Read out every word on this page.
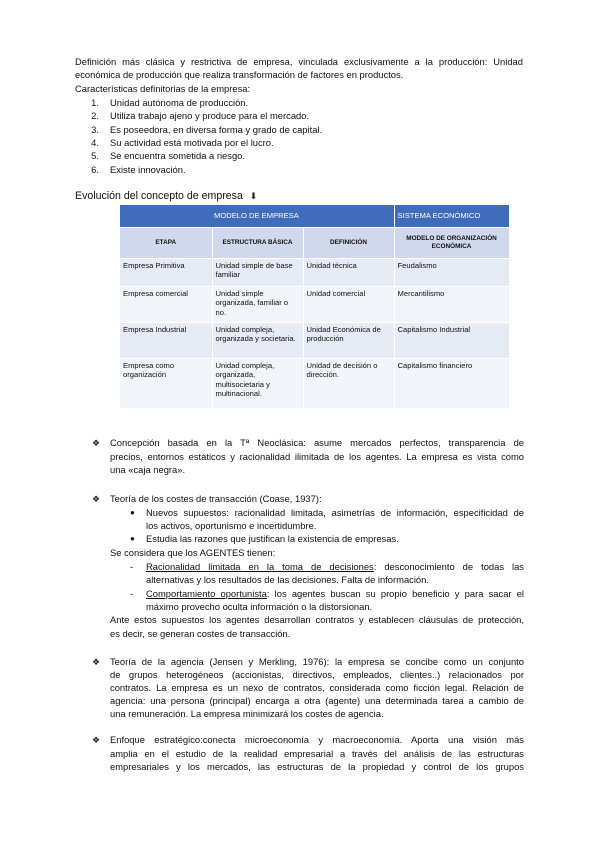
Definición más clásica y restrictiva de empresa, vinculada exclusivamente a la producción: Unidad
económica de producción que realiza transformación de factores en productos.
Características definitorias de la empresa:
1. Unidad autónoma de producción.
2. Utiliza trabajo ajeno y produce para el mercado.
3. Es poseedora, en diversa forma y grado de capital.
4. Su actividad está motivada por el lucro.
5. Se encuentra sometida a riesgo.
6. Existe innovación.
Evolución del concepto de empresa ⬇
MODELO DE EMPRESA			SISTEMA ECONÓMICO
ETAPA	ESTRUCTURA BÁSICA	DEFINICIÓN	MODELO DE ORGANIZACIÓN ECONÓMICA
Empresa Primitiva	Unidad simple de base familiar	Unidad técnica	Feudalismo
Empresa comercial	Unidad simple organizada, familiar o no.	Unidad comercial	Mercantilismo
Empresa Industrial	Unidad compleja, organizada y societaria.	Unidad Económica de producción	Capitalismo Industrial
Empresa como organización	Unidad compleja, organizada, multisocietaria y multinacional.	Unidad de decisión o dirección.	Capitalismo financiero
❖ Concepción basada en la Tª Neoclásica: asume mercados perfectos, transparencia de
precios, entornos estáticos y racionalidad ilimitada de los agentes. La empresa es vista como
una «caja negra».
❖ Teoría de los costes de transacción (Coase, 1937):
● Nuevos supuestos: racionalidad limitada, asimetrías de información, especificidad de
los activos, oportunismo e incertidumbre.
● Estudia las razones que justifican la existencia de empresas.
Se considera que los AGENTES tienen:
- Racionalidad limitada en la toma de decisiones: desconocimiento de todas las
alternativas y los resultados de las decisiones. Falta de información.
- Comportamiento oportunista: los agentes buscan su propio beneficio y para sacar el
máximo provecho oculta información o la distorsionan.
Ante estos supuestos los agentes desarrollan contratos y establecen cláusulas de protección,
es decir, se generan costes de transacción.
❖ Teoría de la agencia (Jensen y Merkling, 1976): la empresa se concibe como un conjunto
de grupos heterogéneos (accionistas, directivos, empleados, clientes..) relacionados por
contratos. La empresa es un nexo de contratos, considerada como ficción legal. Relación de
agencia: una persona (principal) encarga a otra (agente) una determinada tarea a cambio de
una remuneración. La empresa minimizará los costes de agencia.
❖ Enfoque estratégico:conecta microeconomía y macroeconomía. Aporta una visión más
amplia en el estudio de la realidad empresarial a través del análisis de las estructuras
empresariales y los mercados, las estructuras de la propiedad y control de los grupos
